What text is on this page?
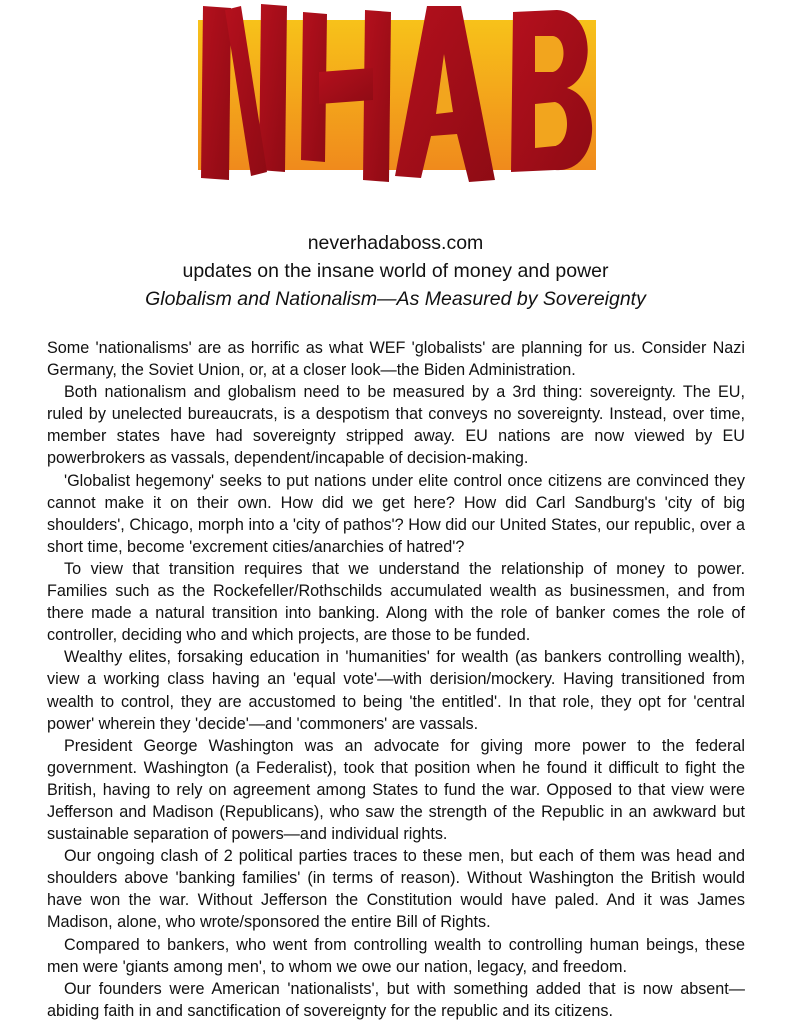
neverhadaboss.com
updates on the insane world of money and power
Globalism and Nationalism—As Measured by Sovereignty

Some 'nationalisms' are as horrific as what WEF 'globalists' are planning for us. Consider Nazi Germany, the Soviet Union, or, at a closer look—the Biden Administration.

Both nationalism and globalism need to be measured by a 3rd thing: sovereignty. The EU, ruled by unelected bureaucrats, is a despotism that conveys no sovereignty. Instead, over time, member states have had sovereignty stripped away. EU nations are now viewed by EU powerbrokers as vassals, dependent/incapable of decision-making.

'Globalist hegemony' seeks to put nations under elite control once citizens are convinced they cannot make it on their own. How did we get here? How did Carl Sandburg's 'city of big shoulders', Chicago, morph into a 'city of pathos'? How did our United States, our republic, over a short time, become 'excrement cities/anarchies of hatred'?

To view that transition requires that we understand the relationship of money to power. Families such as the Rockefeller/Rothschilds accumulated wealth as businessmen, and from there made a natural transition into banking. Along with the role of banker comes the role of controller, deciding who and which projects, are those to be funded.

Wealthy elites, forsaking education in 'humanities' for wealth (as bankers controlling wealth), view a working class having an 'equal vote'—with derision/mockery. Having transitioned from wealth to control, they are accustomed to being 'the entitled'. In that role, they opt for 'central power' wherein they 'decide'—and 'commoners' are vassals.

President George Washington was an advocate for giving more power to the federal government. Washington (a Federalist), took that position when he found it difficult to fight the British, having to rely on agreement among States to fund the war. Opposed to that view were Jefferson and Madison (Republicans), who saw the strength of the Republic in an awkward but sustainable separation of powers—and individual rights.

Our ongoing clash of 2 political parties traces to these men, but each of them was head and shoulders above 'banking families' (in terms of reason). Without Washington the British would have won the war. Without Jefferson the Constitution would have paled. And it was James Madison, alone, who wrote/sponsored the entire Bill of Rights.

Compared to bankers, who went from controlling wealth to controlling human beings, these men were 'giants among men', to whom we owe our nation, legacy, and freedom.

Our founders were American 'nationalists', but with something added that is now absent—abiding faith in and sanctification of sovereignty for the republic and its citizens.
